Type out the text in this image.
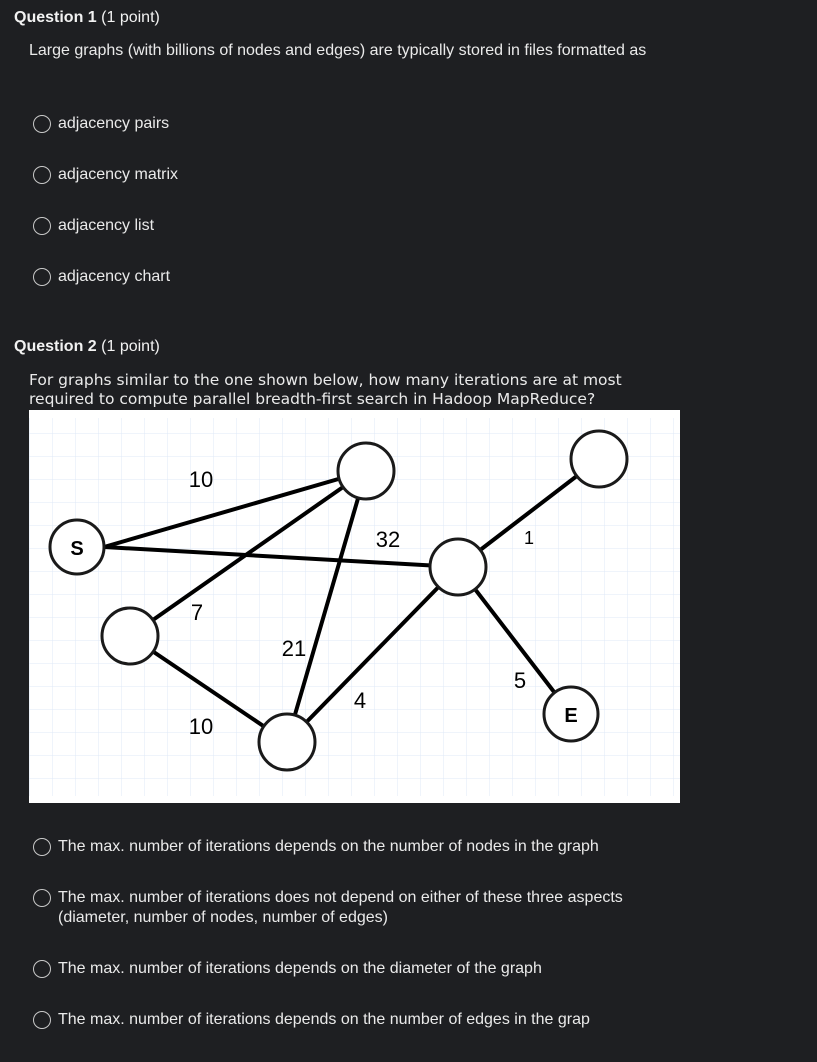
Question 1 (1 point)
Large graphs (with billions of nodes and edges) are typically stored in files formatted as
adjacency pairs
adjacency matrix
adjacency list
adjacency chart
Question 2 (1 point)
For graphs similar to the one shown below, how many iterations are at most required to compute parallel breadth-first search in Hadoop MapReduce?
S
E
10
32	1
7
21
4
5
10
The max. number of iterations depends on the number of nodes in the graph
The max. number of iterations does not depend on either of these three aspects (diameter, number of nodes, number of edges)
The max. number of iterations depends on the diameter of the graph
The max. number of iterations depends on the number of edges in the grap
